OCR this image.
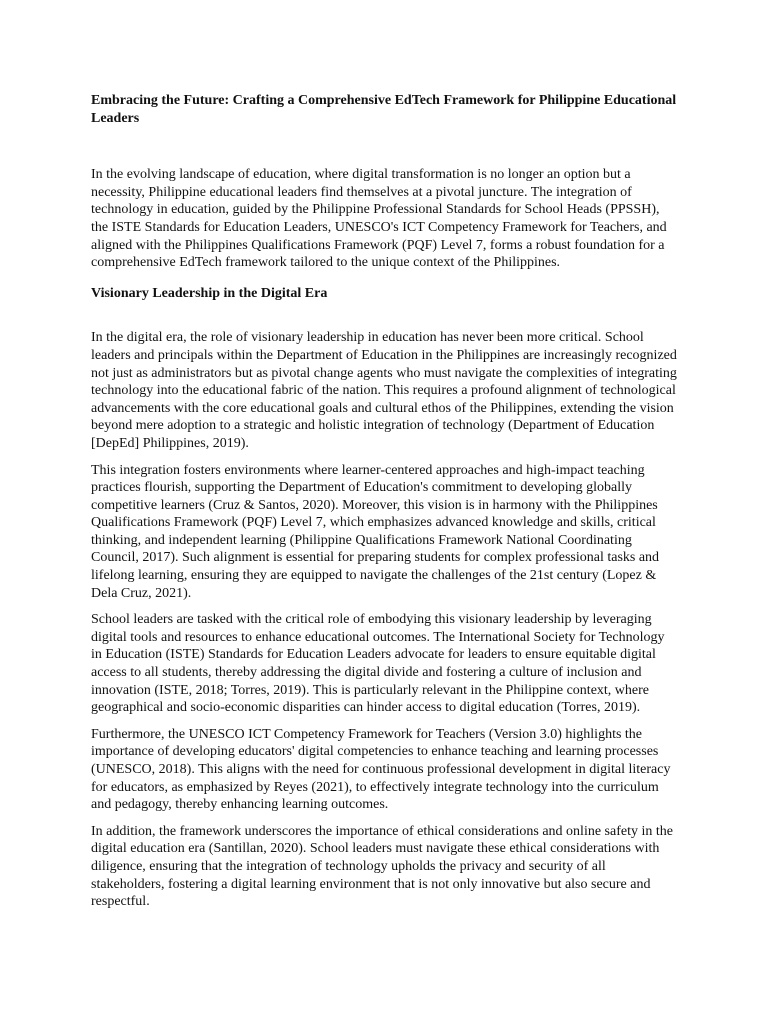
Embracing the Future: Crafting a Comprehensive EdTech Framework for Philippine Educational Leaders

In the evolving landscape of education, where digital transformation is no longer an option but a necessity, Philippine educational leaders find themselves at a pivotal juncture. The integration of technology in education, guided by the Philippine Professional Standards for School Heads (PPSSH), the ISTE Standards for Education Leaders, UNESCO's ICT Competency Framework for Teachers, and aligned with the Philippines Qualifications Framework (PQF) Level 7, forms a robust foundation for a comprehensive EdTech framework tailored to the unique context of the Philippines.

Visionary Leadership in the Digital Era

In the digital era, the role of visionary leadership in education has never been more critical. School leaders and principals within the Department of Education in the Philippines are increasingly recognized not just as administrators but as pivotal change agents who must navigate the complexities of integrating technology into the educational fabric of the nation. This requires a profound alignment of technological advancements with the core educational goals and cultural ethos of the Philippines, extending the vision beyond mere adoption to a strategic and holistic integration of technology (Department of Education [DepEd] Philippines, 2019).

This integration fosters environments where learner-centered approaches and high-impact teaching practices flourish, supporting the Department of Education's commitment to developing globally competitive learners (Cruz & Santos, 2020). Moreover, this vision is in harmony with the Philippines Qualifications Framework (PQF) Level 7, which emphasizes advanced knowledge and skills, critical thinking, and independent learning (Philippine Qualifications Framework National Coordinating Council, 2017). Such alignment is essential for preparing students for complex professional tasks and lifelong learning, ensuring they are equipped to navigate the challenges of the 21st century (Lopez & Dela Cruz, 2021).

School leaders are tasked with the critical role of embodying this visionary leadership by leveraging digital tools and resources to enhance educational outcomes. The International Society for Technology in Education (ISTE) Standards for Education Leaders advocate for leaders to ensure equitable digital access to all students, thereby addressing the digital divide and fostering a culture of inclusion and innovation (ISTE, 2018; Torres, 2019). This is particularly relevant in the Philippine context, where geographical and socio-economic disparities can hinder access to digital education (Torres, 2019).

Furthermore, the UNESCO ICT Competency Framework for Teachers (Version 3.0) highlights the importance of developing educators' digital competencies to enhance teaching and learning processes (UNESCO, 2018). This aligns with the need for continuous professional development in digital literacy for educators, as emphasized by Reyes (2021), to effectively integrate technology into the curriculum and pedagogy, thereby enhancing learning outcomes.

In addition, the framework underscores the importance of ethical considerations and online safety in the digital education era (Santillan, 2020). School leaders must navigate these ethical considerations with diligence, ensuring that the integration of technology upholds the privacy and security of all stakeholders, fostering a digital learning environment that is not only innovative but also secure and respectful.
